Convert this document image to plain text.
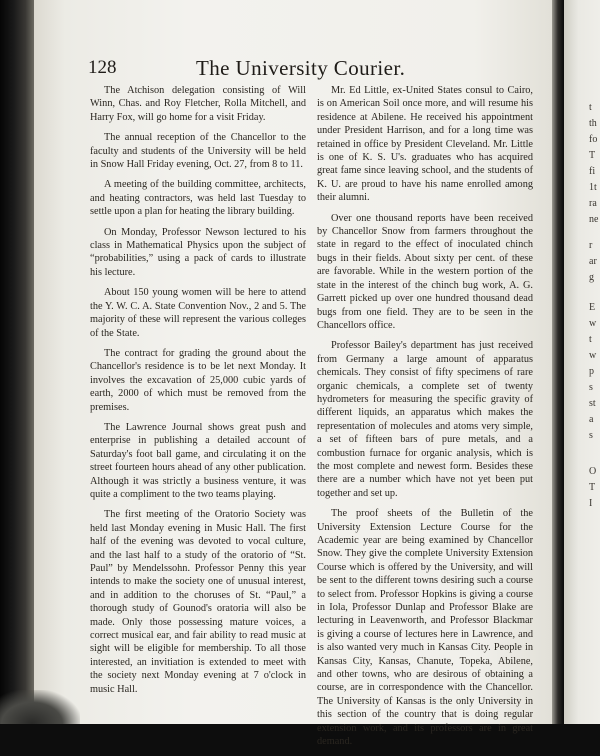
128	The University Courier.

The Atchison delegation consisting of Will Winn, Chas. and Roy Fletcher, Rolla Mitchell, and Harry Fox, will go home for a visit Friday.

The annual reception of the Chancellor to the faculty and students of the University will be held in Snow Hall Friday evening, Oct. 27, from 8 to 11.

A meeting of the building committee, architects, and heating contractors, was held last Tuesday to settle upon a plan for heating the library building.

On Monday, Professor Newson lectured to his class in Mathematical Physics upon the subject of “probabilities,” using a pack of cards to illustrate his lecture.

About 150 young women will be here to attend the Y. W. C. A. State Convention Nov., 2 and 5. The majority of these will represent the various colleges of the State.

The contract for grading the ground about the Chancellor's residence is to be let next Monday. It involves the excavation of 25,000 cubic yards of earth, 2000 of which must be removed from the premises.

The Lawrence Journal shows great push and enterprise in publishing a detailed account of Saturday's foot ball game, and circulating it on the street fourteen hours ahead of any other publication. Although it was strictly a business venture, it was quite a compliment to the two teams playing.

The first meeting of the Oratorio Society was held last Monday evening in Music Hall. The first half of the evening was devoted to vocal culture, and the last half to a study of the oratorio of “St. Paul” by Mendelssohn. Professor Penny this year intends to make the society one of unusual interest, and in addition to the choruses of St. “Paul,” a thorough study of Gounod's oratoria will also be made. Only those possessing mature voices, a correct musical ear, and fair ability to read music at sight will be eligible for membership. To all those interested, an invitiation is extended to meet with the society next Monday evening at 7 o'clock in music Hall.

Mr. Ed Little, ex-United States consul to Cairo, is on American Soil once more, and will resume his residence at Abilene. He received his appointment under President Harrison, and for a long time was retained in office by President Cleveland. Mr. Little is one of K. S. U's. graduates who has acquired great fame since leaving school, and the students of K. U. are proud to have his name enrolled among their alumni.

Over one thousand reports have been received by Chancellor Snow from farmers throughout the state in regard to the effect of inoculated chinch bugs in their fields. About sixty per cent. of these are favorable. While in the western portion of the state in the interest of the chinch bug work, A. G. Garrett picked up over one hundred thousand dead bugs from one field. They are to be seen in the Chancellors office.

Professor Bailey's department has just received from Germany a large amount of apparatus chemicals. They consist of fifty specimens of rare organic chemicals, a complete set of twenty hydrometers for measuring the specific gravity of different liquids, an apparatus which makes the representation of molecules and atoms very simple, a set of fifteen bars of pure metals, and a combustion furnace for organic analysis, which is the most complete and newest form. Besides these there are a number which have not yet been put together and set up.

The proof sheets of the Bulletin of the University Extension Lecture Course for the Academic year are being examined by Chancellor Snow. They give the complete University Extension Course which is offered by the University, and will be sent to the different towns desiring such a course to select from. Professor Hopkins is giving a course in Iola, Professor Dunlap and Professor Blake are lecturing in Leavenworth, and Professor Blackmar is giving a course of lectures here in Lawrence, and is also wanted very much in Kansas City. People in Kansas City, Kansas, Chanute, Topeka, Abilene, and other towns, who are desirous of obtaining a course, are in correspondence with the Chancellor. The University of Kansas is the only University in this section of the country that is doing regular extension work, and its professors are in great demand.

t
th
fo
T
fi
1t
ra
ne
r
ar
g
E
w
t
w
p
s
st
a
s
O
T
I
